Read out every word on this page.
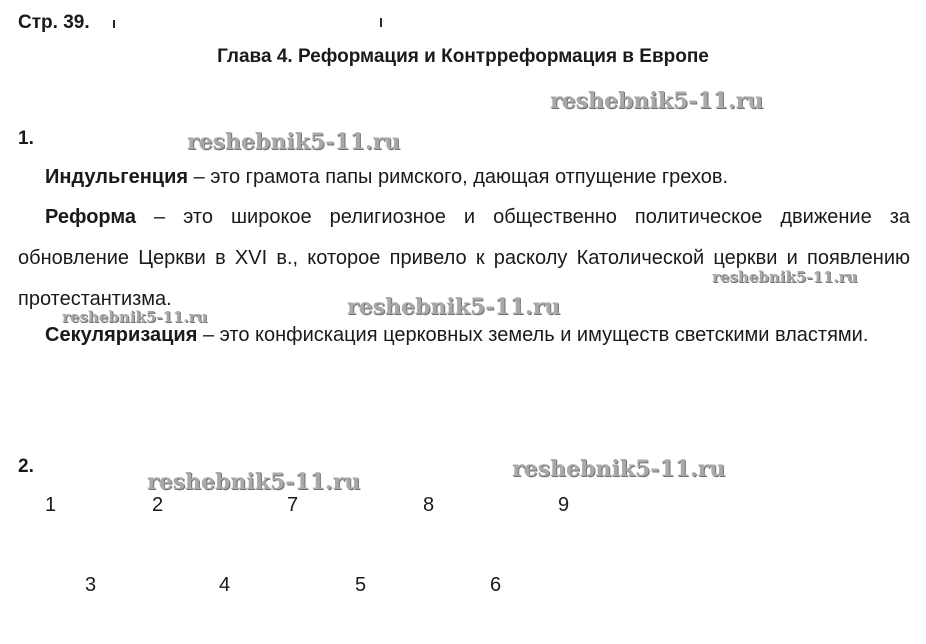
Стр. 39.
Глава 4. Реформация и Контрреформация в Европе
1.
Индульгенция – это грамота папы римского, дающая отпущение грехов.
Реформа – это широкое религиозное и общественно политическое движение за обновление Церкви в XVI в., которое привело к расколу Католической церкви и появлению протестантизма.
Секуляризация – это конфискация церковных земель и имуществ светскими властями.
2.
1	2	7	8	9
3	4	5	6
reshebnik5-11.ru
reshebnik5-11.ru
reshebnik5-11.ru
reshebnik5-11.ru
reshebnik5-11.ru
reshebnik5-11.ru	reshebnik5-11.ru
